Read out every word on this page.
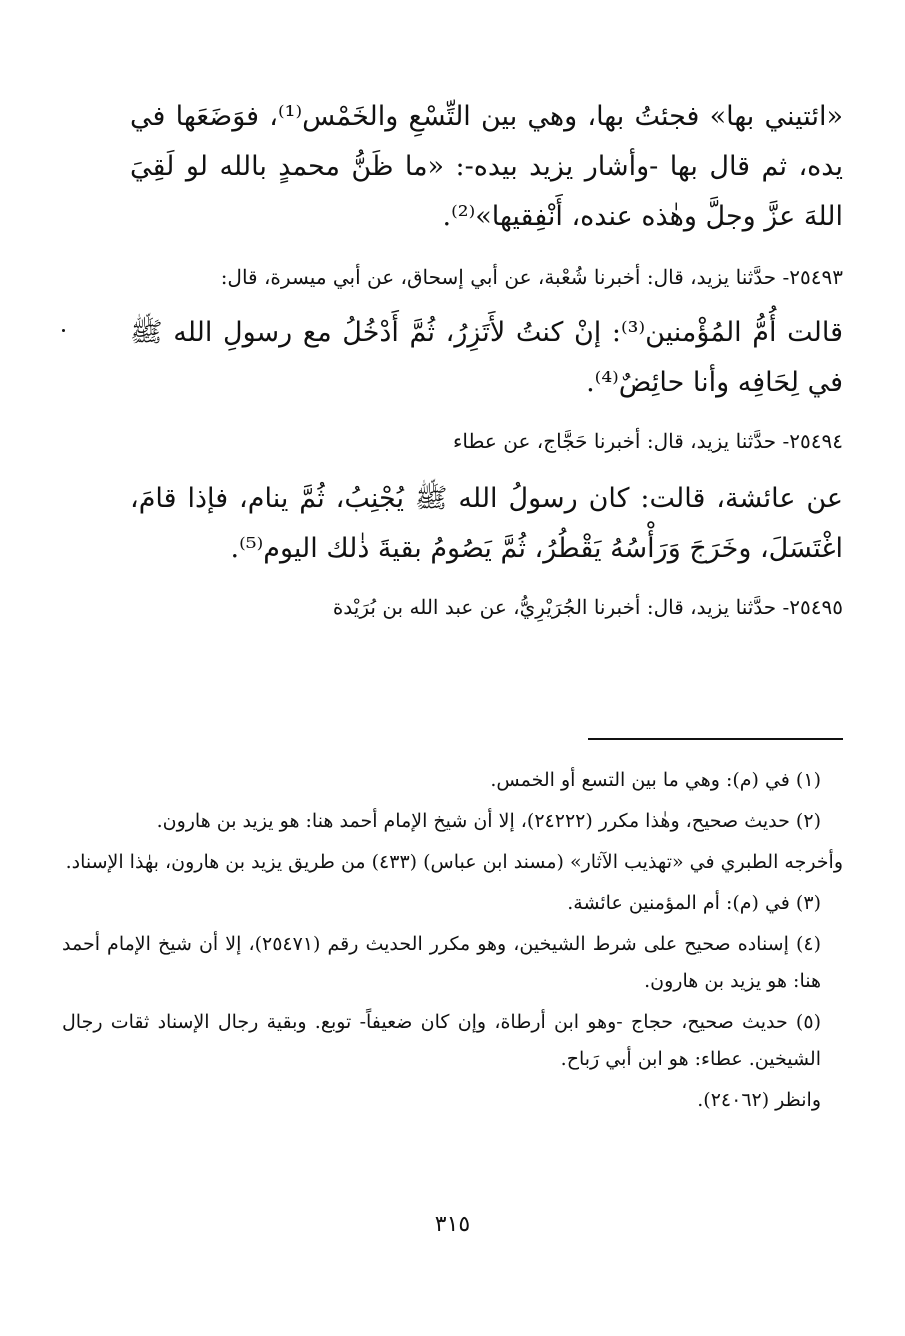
«ائتيني بها» فجئتُ بها، وهي بين التِّسْعِ والخَمْس⁽¹⁾، فوَضَعَها في يده، ثم قال بها -وأشار يزيد بيده-: «ما ظَنُّ محمدٍ بالله لو لَقِيَ اللهَ عزَّ وجلَّ وهٰذه عنده، أَنْفِقيها»⁽²⁾.

٢٥٤٩٣- حدَّثنا يزيد، قال: أخبرنا شُعْبة، عن أبي إسحاق، عن أبي ميسرة، قال:

قالت أُمُّ المُؤْمنين⁽³⁾: إنْ كنتُ لأَتَزِرُ، ثُمَّ أَدْخُلُ مع رسولِ الله ﷺ في لِحَافِه وأنا حائِضٌ⁽⁴⁾.

٢٥٤٩٤- حدَّثنا يزيد، قال: أخبرنا حَجَّاج، عن عطاء

عن عائشة، قالت: كان رسولُ الله ﷺ يُجْنِبُ، ثُمَّ ينام، فإذا قامَ، اغْتَسَلَ، وخَرَجَ وَرَأْسُهُ يَقْطُرُ، ثُمَّ يَصُومُ بقيةَ ذٰلك اليوم⁽⁵⁾.

٢٥٤٩٥- حدَّثنا يزيد، قال: أخبرنا الجُرَيْرِيُّ، عن عبد الله بن بُرَيْدة

(١) في (م): وهي ما بين التسع أو الخمس.

(٢) حديث صحيح، وهٰذا مكرر (٢٤٢٢٢)، إلا أن شيخ الإمام أحمد هنا: هو يزيد بن هارون.

وأخرجه الطبري في «تهذيب الآثار» (مسند ابن عباس) (٤٣٣) من طريق يزيد بن هارون، بهٰذا الإسناد.

(٣) في (م): أم المؤمنين عائشة.

(٤) إسناده صحيح على شرط الشيخين، وهو مكرر الحديث رقم (٢٥٤٧١)، إلا أن شيخ الإمام أحمد هنا: هو يزيد بن هارون.

(٥) حديث صحيح، حجاج -وهو ابن أرطاة، وإن كان ضعيفاً- توبع. وبقية رجال الإسناد ثقات رجال الشيخين. عطاء: هو ابن أبي رَباح.

وانظر (٢٤٠٦٢).

٣١٥
